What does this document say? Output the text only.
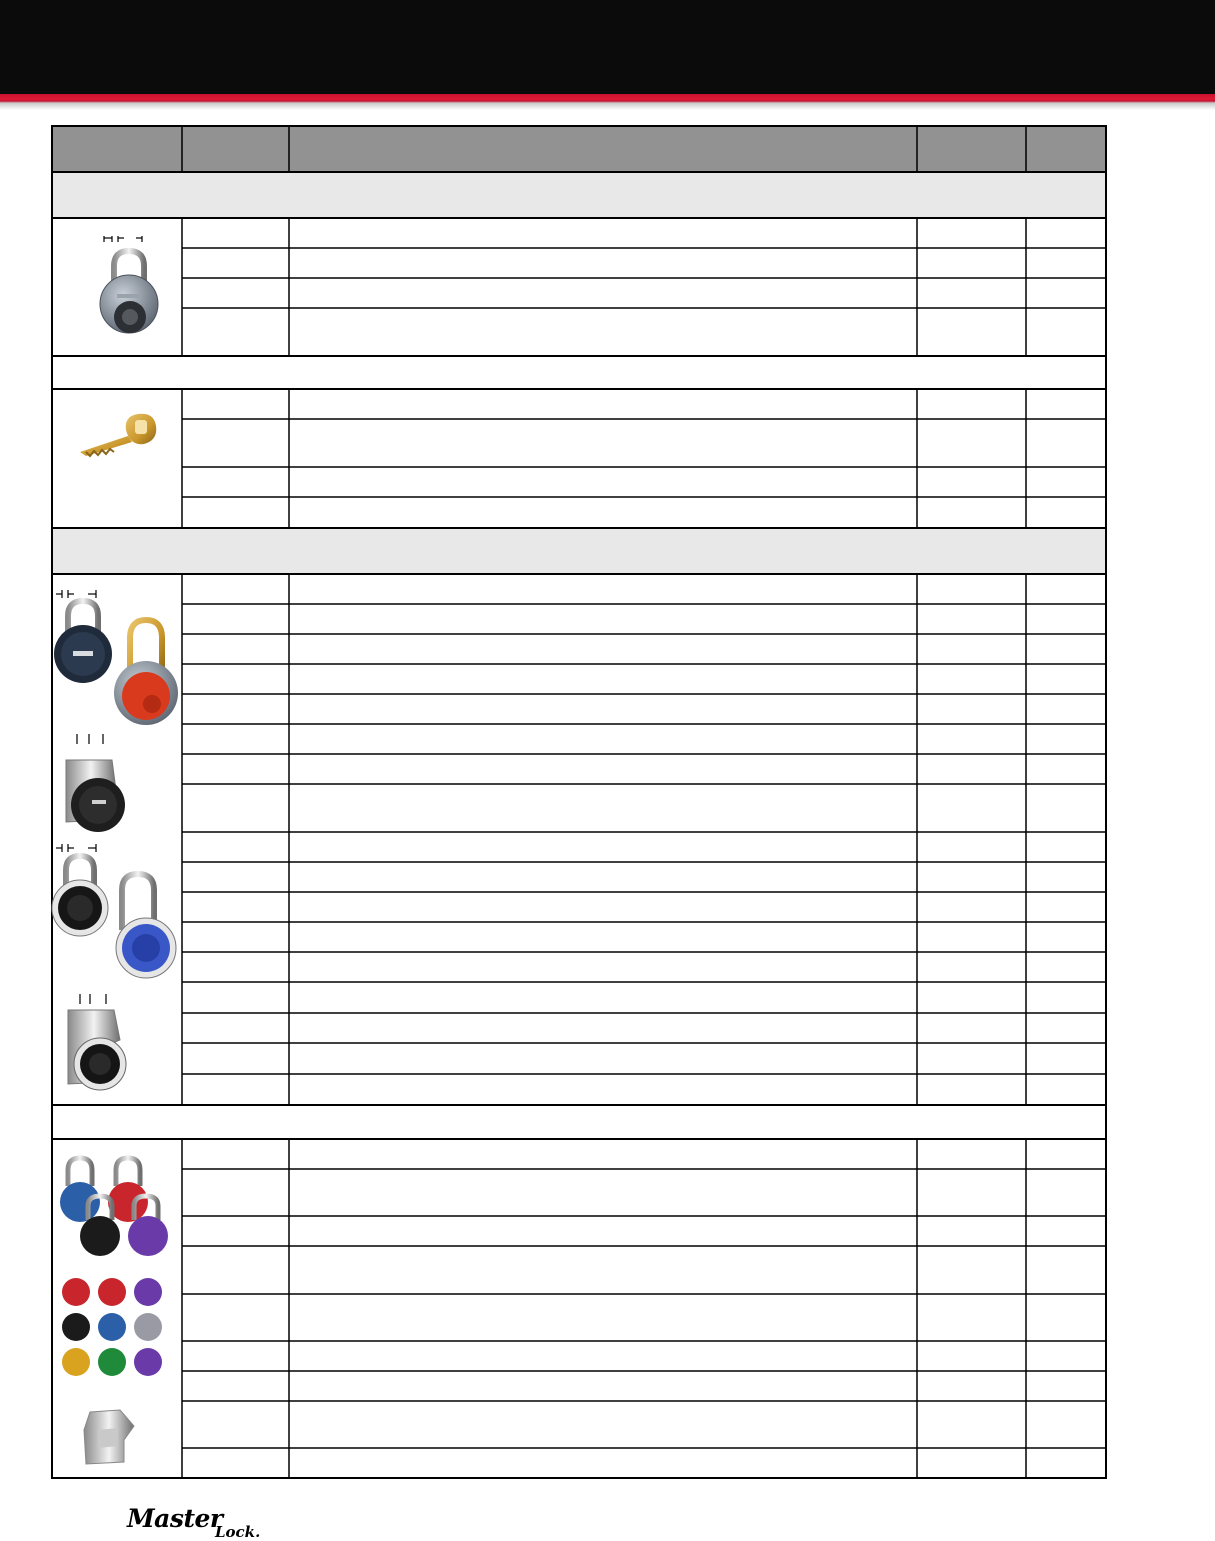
Master
Lock.
